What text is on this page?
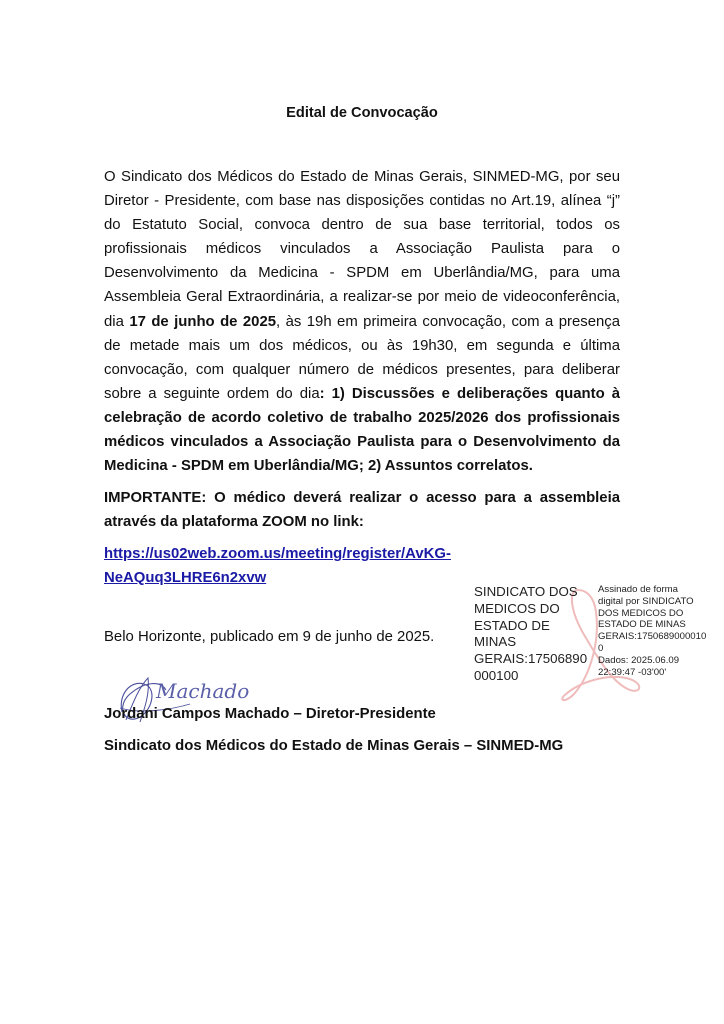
Edital de Convocação

O Sindicato dos Médicos do Estado de Minas Gerais, SINMED-MG, por seu Diretor - Presidente, com base nas disposições contidas no Art.19, alínea “j” do Estatuto Social, convoca dentro de sua base territorial, todos os profissionais médicos vinculados a Associação Paulista para o Desenvolvimento da Medicina - SPDM em Uberlândia/MG, para uma Assembleia Geral Extraordinária, a realizar-se por meio de videoconferência, dia 17 de junho de 2025, às 19h em primeira convocação, com a presença de metade mais um dos médicos, ou às 19h30, em segunda e última convocação, com qualquer número de médicos presentes, para deliberar sobre a seguinte ordem do dia: 1) Discussões e deliberações quanto à celebração de acordo coletivo de trabalho 2025/2026 dos profissionais médicos vinculados a Associação Paulista para o Desenvolvimento da Medicina - SPDM em Uberlândia/MG; 2) Assuntos correlatos.

IMPORTANTE: O médico deverá realizar o acesso para a assembleia através da plataforma ZOOM no link:

https://us02web.zoom.us/meeting/register/AvKG-NeAQuq3LHRE6n2xvw
Belo Horizonte, publicado em 9 de junho de 2025.
Machado
Jordani Campos Machado – Diretor-Presidente
Sindicato dos Médicos do Estado de Minas Gerais – SINMED-MG
SINDICATO DOS
MEDICOS DO
ESTADO DE
MINAS
GERAIS:17506890
000100
Assinado de forma
digital por SINDICATO
DOS MEDICOS DO
ESTADO DE MINAS
GERAIS:1750689000010
0
Dados: 2025.06.09
22:39:47 -03'00'
